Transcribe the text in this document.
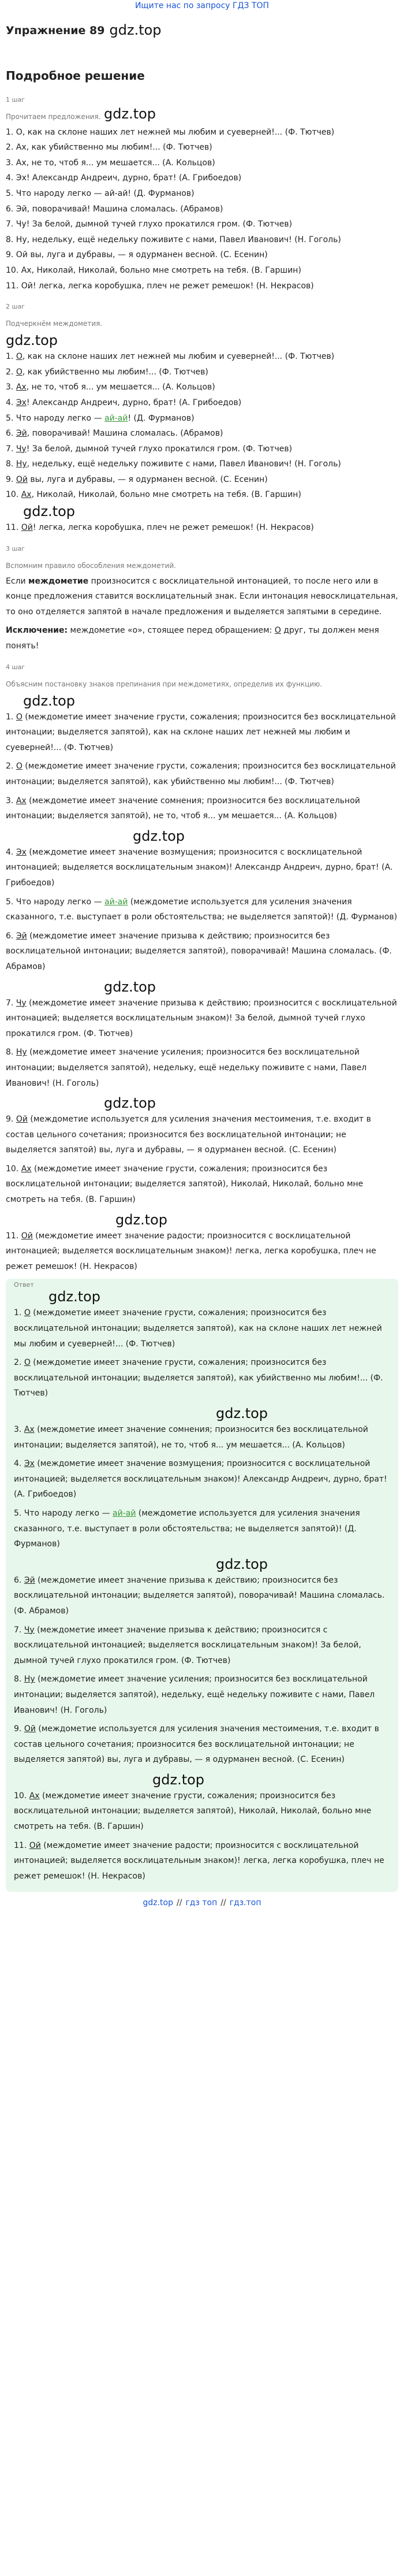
Ищите нас по запросу ГДЗ ТОП
Упражнение 89 gdz.top
Подробное решение
1 шаг
Прочитаем предложения. gdz.top
1. О, как на склоне наших лет нежней мы любим и суеверней!... (Ф. Тютчев)
2. Ах, как убийственно мы любим!... (Ф. Тютчев)
3. Ах, не то, чтоб я... ум мешается... (А. Кольцов)
4. Эх! Александр Андреич, дурно, брат! (А. Грибоедов)
5. Что народу легко — ай-ай! (Д. Фурманов)
6. Эй, поворачивай! Машина сломалась. (Абрамов)
7. Чу! За белой, дымной тучей глухо прокатился гром. (Ф. Тютчев)
8. Ну, недельку, ещё недельку поживите с нами, Павел Иванович! (Н. Гоголь)
9. Ой вы, луга и дубравы, — я одурманен весной. (С. Есенин)
10. Ах, Николай, Николай, больно мне смотреть на тебя. (В. Гаршин)
11. Ой! легка, легка коробушка, плеч не режет ремешок! (Н. Некрасов)
2 шаг
Подчеркнём междометия.
gdz.top
1. О, как на склоне наших лет нежней мы любим и суеверней!... (Ф. Тютчев)
2. О, как убийственно мы любим!... (Ф. Тютчев)
3. Ах, не то, чтоб я... ум мешается... (А. Кольцов)
4. Эх! Александр Андреич, дурно, брат! (А. Грибоедов)
5. Что народу легко — ай-ай! (Д. Фурманов)
6. Эй, поворачивай! Машина сломалась. (Абрамов)
7. Чу! За белой, дымной тучей глухо прокатился гром. (Ф. Тютчев)
8. Ну, недельку, ещё недельку поживите с нами, Павел Иванович! (Н. Гоголь)
9. Ой вы, луга и дубравы, — я одурманен весной. (С. Есенин)
10. Ах, Николай, Николай, больно мне смотреть на тебя. (В. Гаршин)
gdz.top
11. Ой! легка, легка коробушка, плеч не режет ремешок! (Н. Некрасов)
3 шаг
Вспомним правило обособления междометий.
Если междометие произносится с восклицательной интонацией, то после него или в конце предложения ставится восклицательный знак. Если интонация невосклицательная, то оно отделяется запятой в начале предложения и выделяется запятыми в середине.
Исключение: междометие «о», стоящее перед обращением: О друг, ты должен меня понять!
4 шаг
Объясним постановку знаков препинания при междометиях, определив их функцию.
gdz.top
1. О (междометие имеет значение грусти, сожаления; произносится без восклицательной интонации; выделяется запятой), как на склоне наших лет нежней мы любим и суеверней!... (Ф. Тютчев)
2. О (междометие имеет значение грусти, сожаления; произносится без восклицательной интонации; выделяется запятой), как убийственно мы любим!... (Ф. Тютчев)
3. Ах (междометие имеет значение сомнения; произносится без восклицательной интонации; выделяется запятой), не то, чтоб я... ум мешается... (А. Кольцов)
gdz.top
4. Эх (междометие имеет значение возмущения; произносится с восклицательной интонацией; выделяется восклицательным знаком)! Александр Андреич, дурно, брат! (А. Грибоедов)
5. Что народу легко — ай-ай (междометие используется для усиления значения сказанного, т.е. выступает в роли обстоятельства; не выделяется запятой)! (Д. Фурманов)
6. Эй (междометие имеет значение призыва к действию; произносится без восклицательной интонации; выделяется запятой), поворачивай! Машина сломалась. (Ф. Абрамов)
gdz.top
7. Чу (междометие имеет значение призыва к действию; произносится с восклицательной интонацией; выделяется восклицательным знаком)! За белой, дымной тучей глухо прокатился гром. (Ф. Тютчев)
8. Ну (междометие имеет значение усиления; произносится без восклицательной интонации; выделяется запятой), недельку, ещё недельку поживите с нами, Павел Иванович! (Н. Гоголь)
gdz.top
9. Ой (междометие используется для усиления значения местоимения, т.е. входит в состав цельного сочетания; произносится без восклицательной интонации; не выделяется запятой) вы, луга и дубравы, — я одурманен весной. (С. Есенин)
10. Ах (междометие имеет значение грусти, сожаления; произносится без восклицательной интонации; выделяется запятой), Николай, Николай, больно мне смотреть на тебя. (В. Гаршин)
gdz.top
11. Ой (междометие имеет значение радости; произносится с восклицательной интонацией; выделяется восклицательным знаком)! легка, легка коробушка, плеч не режет ремешок! (Н. Некрасов)
Ответ
gdz.top
1. О (междометие имеет значение грусти, сожаления; произносится без восклицательной интонации; выделяется запятой), как на склоне наших лет нежней мы любим и суеверней!... (Ф. Тютчев)
2. О (междометие имеет значение грусти, сожаления; произносится без восклицательной интонации; выделяется запятой), как убийственно мы любим!... (Ф. Тютчев)
gdz.top
3. Ах (междометие имеет значение сомнения; произносится без восклицательной интонации; выделяется запятой), не то, чтоб я... ум мешается... (А. Кольцов)
4. Эх (междометие имеет значение возмущения; произносится с восклицательной интонацией; выделяется восклицательным знаком)! Александр Андреич, дурно, брат! (А. Грибоедов)
5. Что народу легко — ай-ай (междометие используется для усиления значения сказанного, т.е. выступает в роли обстоятельства; не выделяется запятой)! (Д. Фурманов)
gdz.top
6. Эй (междометие имеет значение призыва к действию; произносится без восклицательной интонации; выделяется запятой), поворачивай! Машина сломалась. (Ф. Абрамов)
7. Чу (междометие имеет значение призыва к действию; произносится с восклицательной интонацией; выделяется восклицательным знаком)! За белой, дымной тучей глухо прокатился гром. (Ф. Тютчев)
8. Ну (междометие имеет значение усиления; произносится без восклицательной интонации; выделяется запятой), недельку, ещё недельку поживите с нами, Павел Иванович! (Н. Гоголь)
9. Ой (междометие используется для усиления значения местоимения, т.е. входит в состав цельного сочетания; произносится без восклицательной интонации; не выделяется запятой) вы, луга и дубравы, — я одурманен весной. (С. Есенин)
gdz.top
10. Ах (междометие имеет значение грусти, сожаления; произносится без восклицательной интонации; выделяется запятой), Николай, Николай, больно мне смотреть на тебя. (В. Гаршин)
11. Ой (междометие имеет значение радости; произносится с восклицательной интонацией; выделяется восклицательным знаком)! легка, легка коробушка, плеч не режет ремешок! (Н. Некрасов)
gdz.top // гдз топ // гдз.топ
